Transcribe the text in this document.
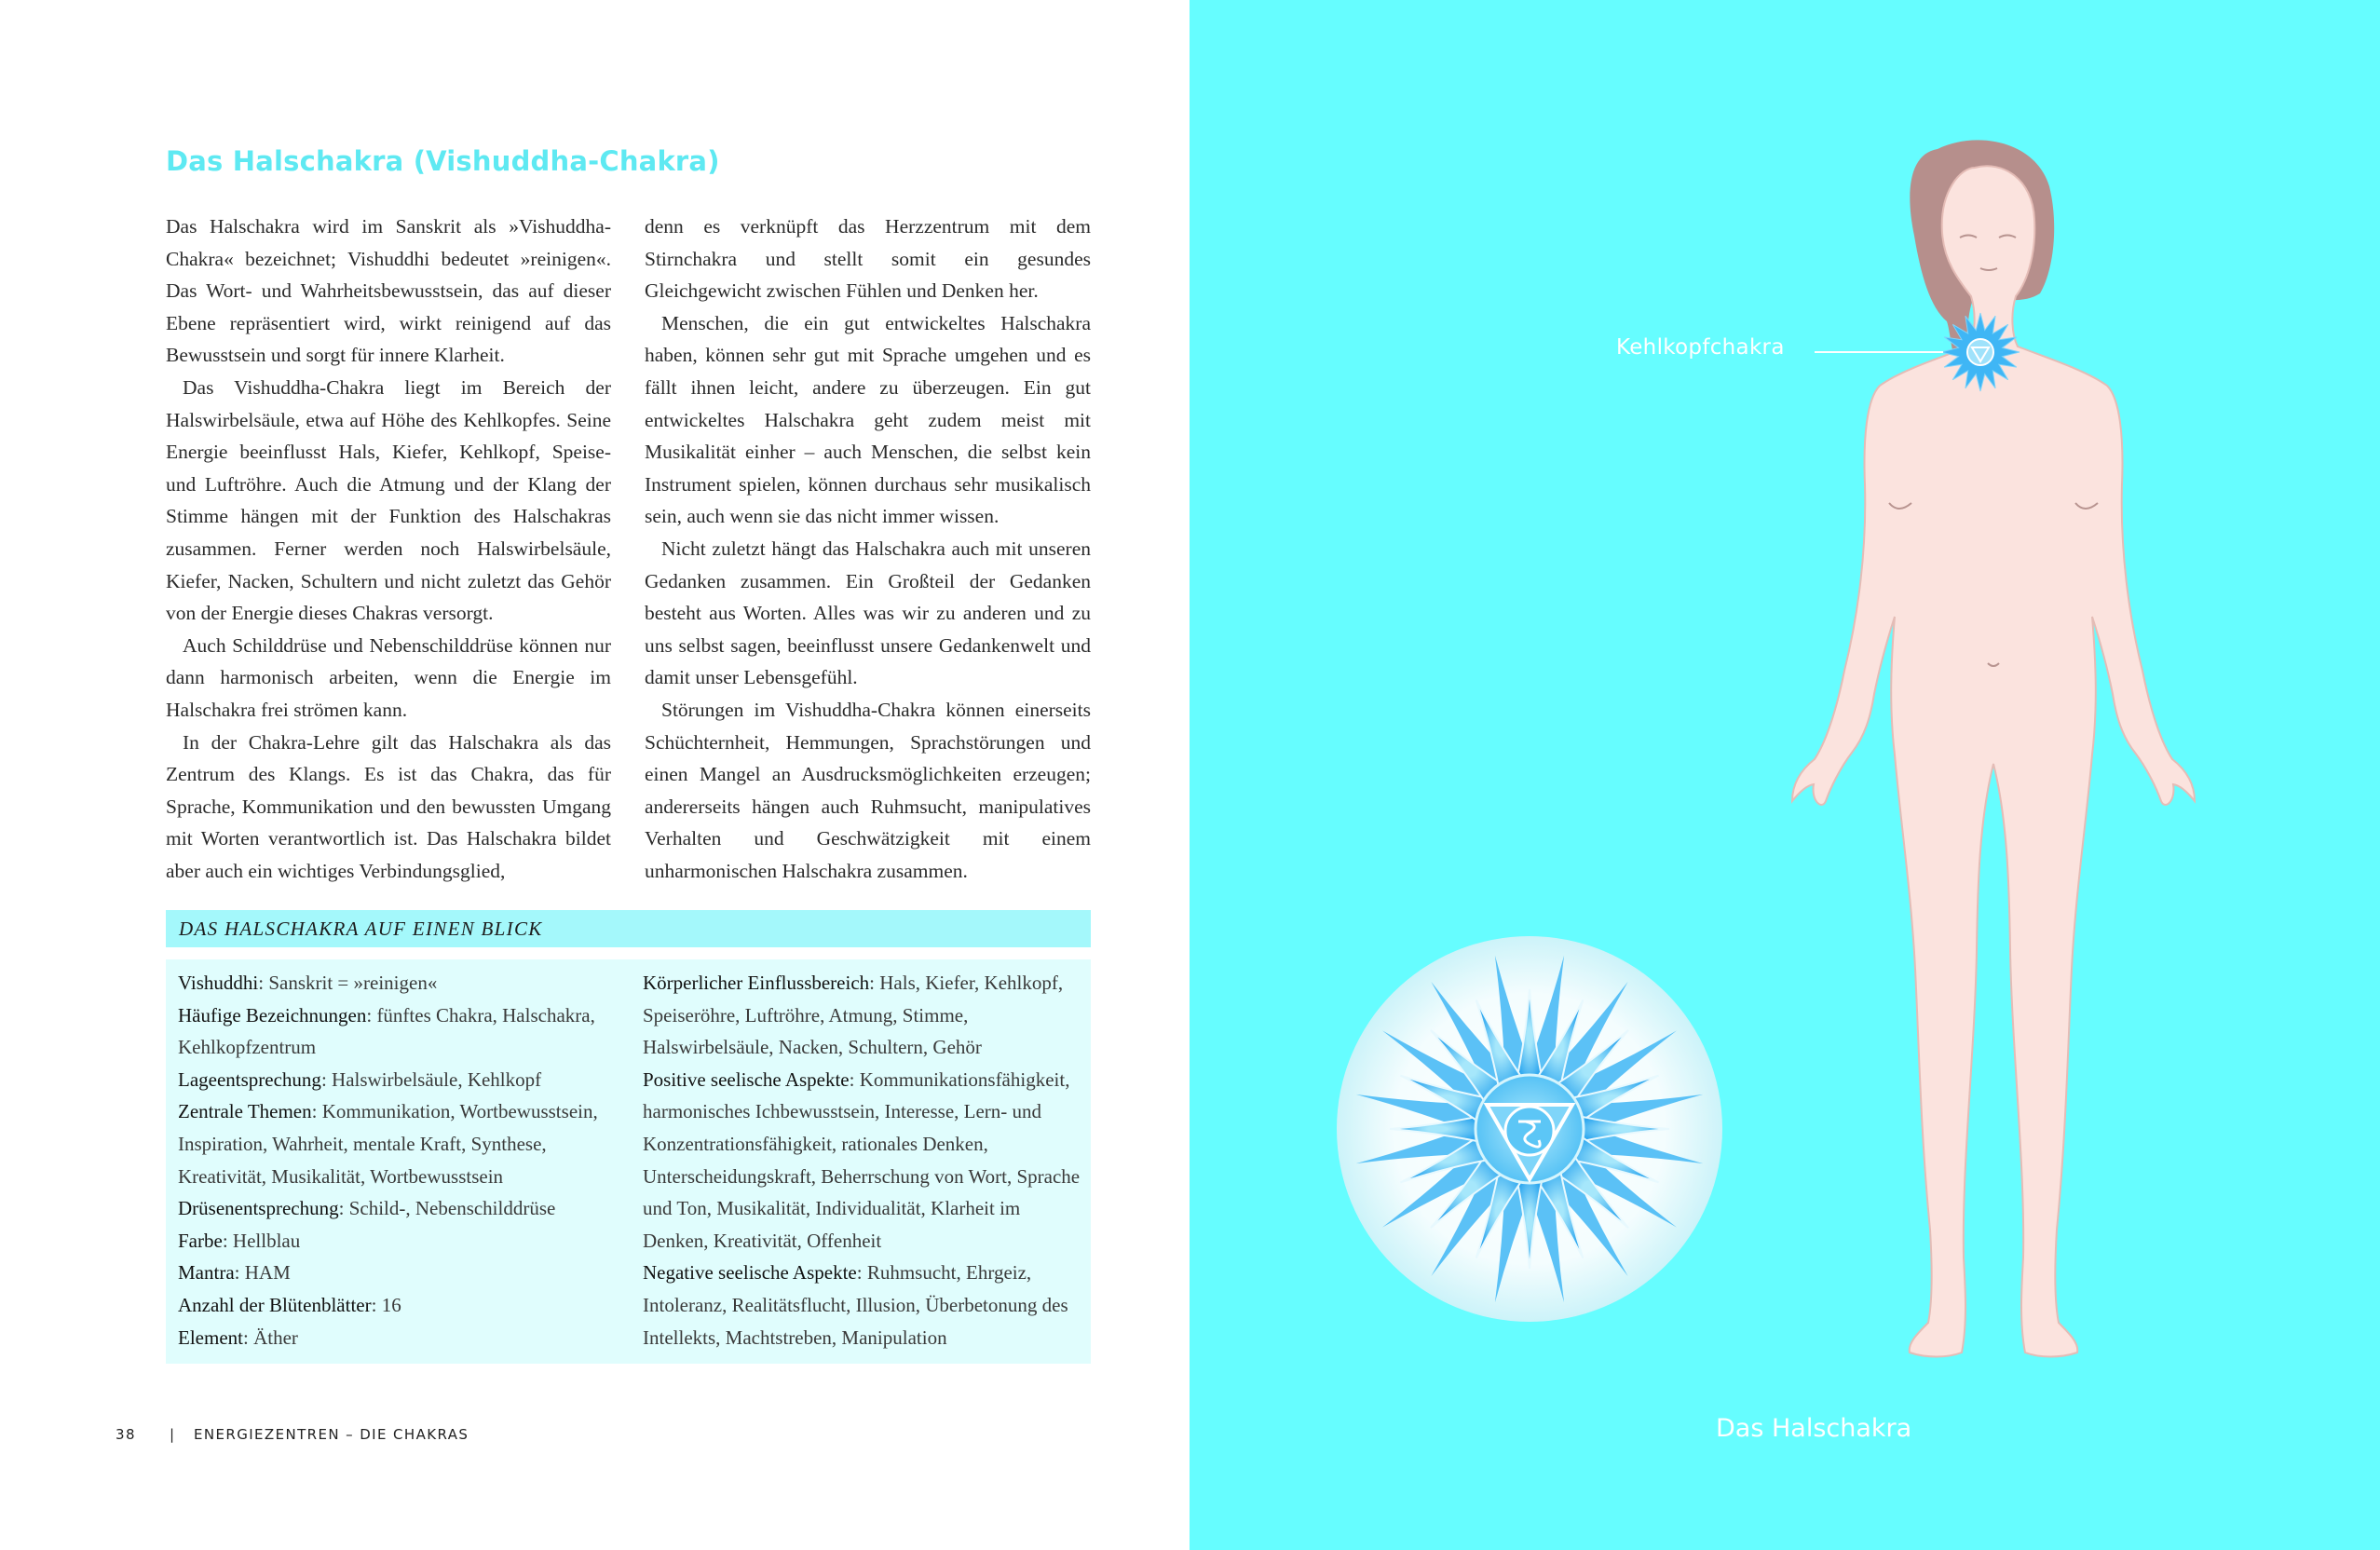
Das Halschakra (Vishuddha-Chakra)

Das Halschakra wird im Sanskrit als »Vishuddha-Chakra« bezeichnet; Vishuddhi bedeutet »reinigen«. Das Wort- und Wahrheitsbewusstsein, das auf dieser Ebene repräsentiert wird, wirkt reinigend auf das Bewusstsein und sorgt für innere Klarheit.

Das Vishuddha-Chakra liegt im Bereich der Halswirbelsäule, etwa auf Höhe des Kehlkopfes. Seine Energie beeinflusst Hals, Kiefer, Kehlkopf, Speise- und Luftröhre. Auch die Atmung und der Klang der Stimme hängen mit der Funktion des Halschakras zusammen. Ferner werden noch Halswirbelsäule, Kiefer, Nacken, Schultern und nicht zuletzt das Gehör von der Energie dieses Chakras versorgt.

Auch Schilddrüse und Nebenschilddrüse können nur dann harmonisch arbeiten, wenn die Energie im Halschakra frei strömen kann.

In der Chakra-Lehre gilt das Halschakra als das Zentrum des Klangs. Es ist das Chakra, das für Sprache, Kommunikation und den bewussten Umgang mit Worten verantwortlich ist. Das Halschakra bildet aber auch ein wichtiges Verbindungsglied,

denn es verknüpft das Herzzentrum mit dem Stirnchakra und stellt somit ein gesundes Gleichgewicht zwischen Fühlen und Denken her.

Menschen, die ein gut entwickeltes Halschakra haben, können sehr gut mit Sprache umgehen und es fällt ihnen leicht, andere zu überzeugen. Ein gut entwickeltes Halschakra geht zudem meist mit Musikalität einher – auch Menschen, die selbst kein Instrument spielen, können durchaus sehr musikalisch sein, auch wenn sie das nicht immer wissen.

Nicht zuletzt hängt das Halschakra auch mit unseren Gedanken zusammen. Ein Großteil der Gedanken besteht aus Worten. Alles was wir zu anderen und zu uns selbst sagen, beeinflusst unsere Gedankenwelt und damit unser Lebensgefühl.

Störungen im Vishuddha-Chakra können einerseits Schüchternheit, Hemmungen, Sprachstörungen und einen Mangel an Ausdrucksmöglichkeiten erzeugen; andererseits hängen auch Ruhmsucht, manipulatives Verhalten und Geschwätzigkeit mit einem unharmonischen Halschakra zusammen.

DAS HALSCHAKRA AUF EINEN BLICK

Vishuddhi: Sanskrit = »reinigen«

Häufige Bezeichnungen: fünftes Chakra, Halschakra, Kehlkopfzentrum

Lageentsprechung: Halswirbelsäule, Kehlkopf

Zentrale Themen: Kommunikation, Wortbewusstsein, Inspiration, Wahrheit, mentale Kraft, Synthese, Kreativität, Musikalität, Wortbewusstsein

Drüsenentsprechung: Schild-, Nebenschilddrüse

Farbe: Hellblau

Mantra: HAM

Anzahl der Blütenblätter: 16

Element: Äther

Körperlicher Einflussbereich: Hals, Kiefer, Kehlkopf, Speiseröhre, Luftröhre, Atmung, Stimme, Halswirbelsäule, Nacken, Schultern, Gehör

Positive seelische Aspekte: Kommunikationsfähigkeit, harmonisches Ichbewusstsein, Interesse, Lern- und Konzentrationsfähigkeit, rationales Denken, Unterscheidungskraft, Beherrschung von Wort, Sprache und Ton, Musikalität, Individualität, Klarheit im Denken, Kreativität, Offenheit

Negative seelische Aspekte: Ruhmsucht, Ehrgeiz, Intoleranz, Realitätsflucht, Illusion, Überbetonung des Intellekts, Machtstreben, Manipulation

38 | ENERGIEZENTREN – DIE CHAKRAS
Kehlkopfchakra
Das Halschakra
